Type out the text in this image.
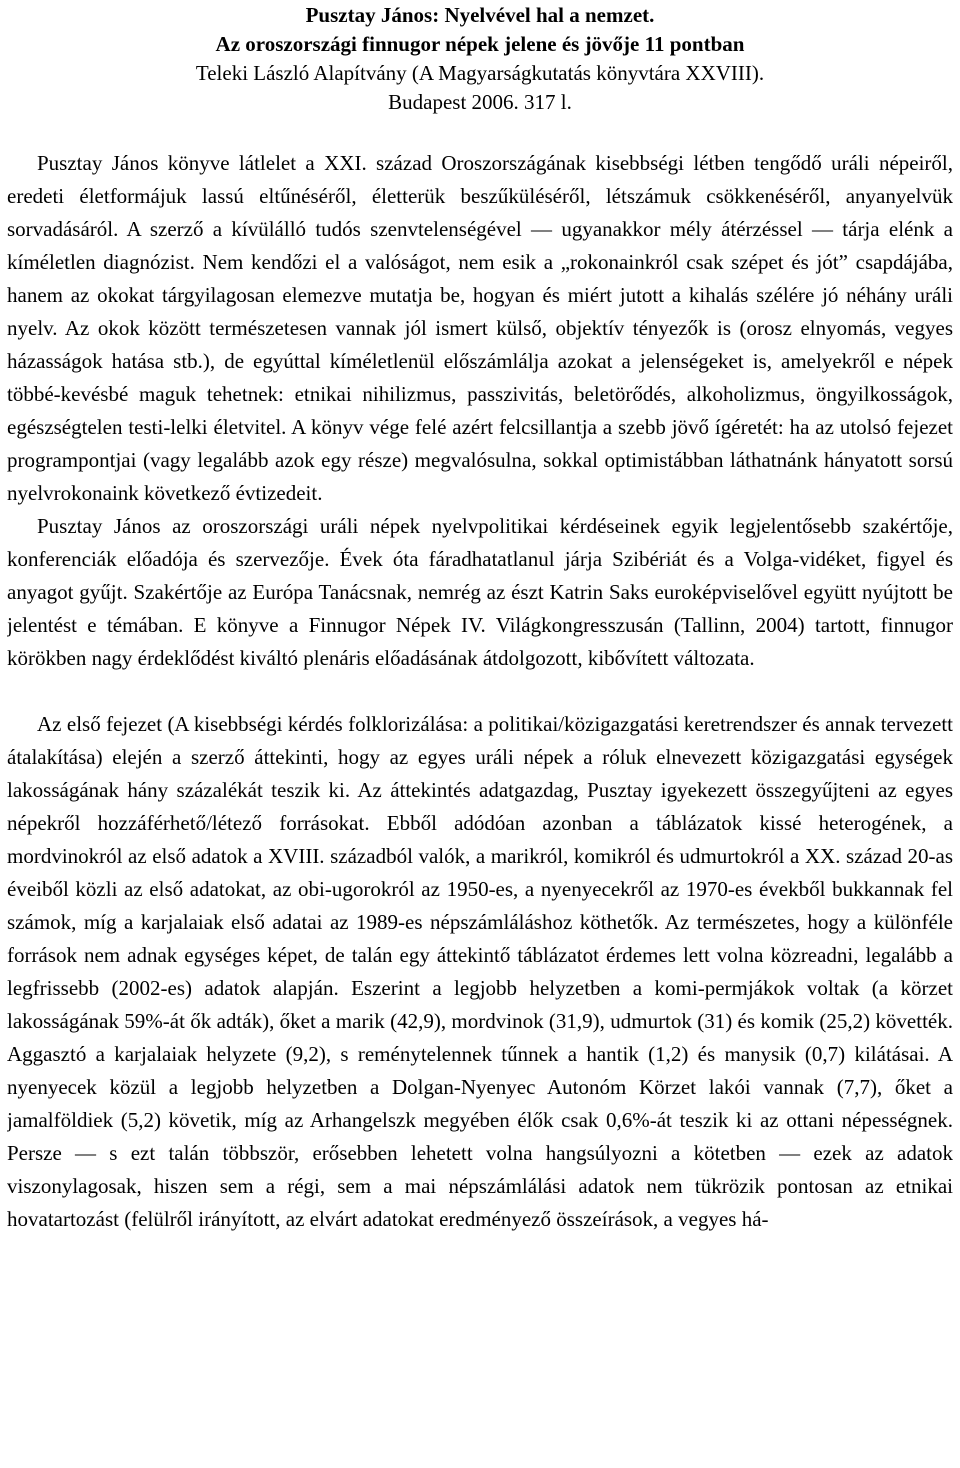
Pusztay János: Nyelvével hal a nemzet.
Az oroszországi finnugor népek jelene és jövője 11 pontban
Teleki László Alapítvány (A Magyarságkutatás könyvtára XXVIII).
Budapest 2006. 317 l.

Pusztay János könyve látlelet a XXI. század Oroszországának kisebbségi létben tengődő uráli népeiről, eredeti életformájuk lassú eltűnéséről, életterük beszűküléséről, létszámuk csökkenéséről, anyanyelvük sorvadásáról. A szerző a kívülálló tudós szenvtelenségével — ugyanakkor mély átérzéssel — tárja elénk a kíméletlen diagnózist. Nem kendőzi el a valóságot, nem esik a „rokonainkról csak szépet és jót” csapdájába, hanem az okokat tárgyilagosan elemezve mutatja be, hogyan és miért jutott a kihalás szélére jó néhány uráli nyelv. Az okok között természetesen vannak jól ismert külső, objektív tényezők is (orosz elnyomás, vegyes házasságok hatása stb.), de egyúttal kíméletlenül előszámlálja azokat a jelenségeket is, amelyekről e népek többé-kevésbé maguk tehetnek: etnikai nihilizmus, passzivitás, beletörődés, alkoholizmus, öngyilkosságok, egészségtelen testi-lelki életvitel. A könyv vége felé azért felcsillantja a szebb jövő ígéretét: ha az utolsó fejezet programpontjai (vagy legalább azok egy része) megvalósulna, sokkal optimistábban láthatnánk hányatott sorsú nyelvrokonaink következő évtizedeit.

Pusztay János az oroszországi uráli népek nyelvpolitikai kérdéseinek egyik legjelentősebb szakértője, konferenciák előadója és szervezője. Évek óta fáradhatatlanul járja Szibériát és a Volga-vidéket, figyel és anyagot gyűjt. Szakértője az Európa Tanácsnak, nemrég az észt Katrin Saks euroképviselővel együtt nyújtott be jelentést e témában. E könyve a Finnugor Népek IV. Világkongresszusán (Tallinn, 2004) tartott, finnugor körökben nagy érdeklődést kiváltó plenáris előadásának átdolgozott, kibővített változata.

Az első fejezet (A kisebbségi kérdés folklorizálása: a politikai/közigazgatási keretrendszer és annak tervezett átalakítása) elején a szerző áttekinti, hogy az egyes uráli népek a róluk elnevezett közigazgatási egységek lakosságának hány százalékát teszik ki. Az áttekintés adatgazdag, Pusztay igyekezett összegyűjteni az egyes népekről hozzáférhető/létező forrásokat. Ebből adódóan azonban a táblázatok kissé heterogének, a mordvinokról az első adatok a XVIII. századból valók, a marikról, komikról és udmurtokról a XX. század 20-as éveiből közli az első adatokat, az obi-ugorokról az 1950-es, a nyenyecekről az 1970-es évekből bukkannak fel számok, míg a karjalaiak első adatai az 1989-es népszámláláshoz köthetők. Az természetes, hogy a különféle források nem adnak egységes képet, de talán egy áttekintő táblázatot érdemes lett volna közreadni, legalább a legfrissebb (2002-es) adatok alapján. Eszerint a legjobb helyzetben a komi-permjákok voltak (a körzet lakosságának 59%-át ők adták), őket a marik (42,9), mordvinok (31,9), udmurtok (31) és komik (25,2) követték. Aggasztó a karjalaiak helyzete (9,2), s reménytelennek tűnnek a hantik (1,2) és manysik (0,7) kilátásai. A nyenyecek közül a legjobb helyzetben a Dolgan-Nyenyec Autonóm Körzet lakói vannak (7,7), őket a jamalföldiek (5,2) követik, míg az Arhangelszk megyében élők csak 0,6%-át teszik ki az ottani népességnek. Persze — s ezt talán többször, erősebben lehetett volna hangsúlyozni a kötetben — ezek az adatok viszonylagosak, hiszen sem a régi, sem a mai népszámlálási adatok nem tükrözik pontosan az etnikai hovatartozást (felülről irányított, az elvárt adatokat eredményező összeírások, a vegyes há-
